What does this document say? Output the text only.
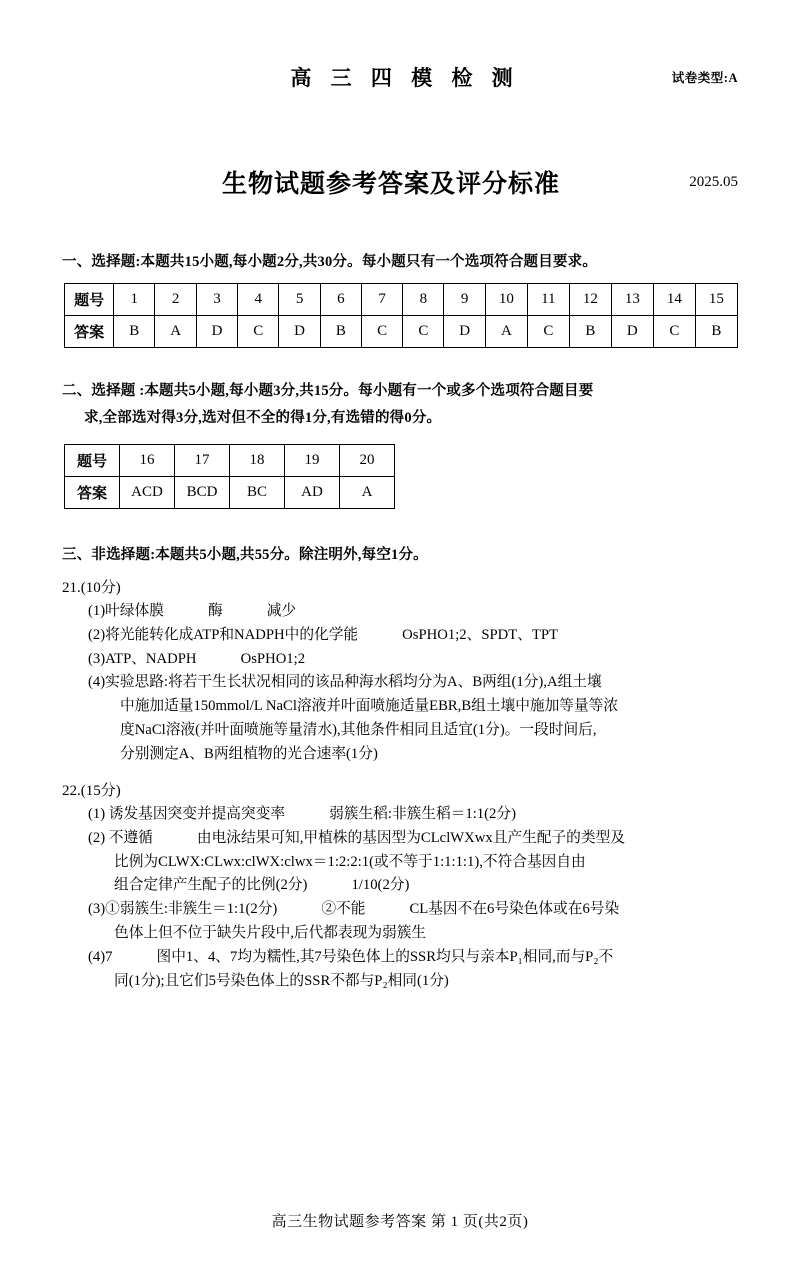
高 三 四 模 检 测	试卷类型:A
生物试题参考答案及评分标准	2025.05
一、选择题:本题共15小题,每小题2分,共30分。每小题只有一个选项符合题目要求。
题号	1	2	3	4	5	6	7	8	9	10	11	12	13	14	15
答案	B	A	D	C	D	B	C	C	D	A	C	B	D	C	B
二、选择题 :本题共5小题,每小题3分,共15分。每小题有一个或多个选项符合题目要
求,全部选对得3分,选对但不全的得1分,有选错的得0分。
题号	16	17	18	19	20
答案	ACD	BCD	BC	AD	A
三、非选择题:本题共5小题,共55分。除注明外,每空1分。
21.(10分)
(1)叶绿体膜　　　酶　　　减少
(2)将光能转化成ATP和NADPH中的化学能　　　OsPHO1;2、SPDT、TPT
(3)ATP、NADPH　　　OsPHO1;2
(4)实验思路:将若干生长状况相同的该品种海水稻均分为A、B两组(1分),A组土壤
中施加适量150mmol/L NaCl溶液并叶面喷施适量EBR,B组土壤中施加等量等浓
度NaCl溶液(并叶面喷施等量清水),其他条件相同且适宜(1分)。一段时间后,
分别测定A、B两组植物的光合速率(1分)
22.(15分)
(1) 诱发基因突变并提高突变率　　　弱簇生稻:非簇生稻＝1:1(2分)
(2) 不遵循　　　由电泳结果可知,甲植株的基因型为CLclWXwx且产生配子的类型及
比例为CLWX:CLwx:clWX:clwx＝1:2:2:1(或不等于1:1:1:1),不符合基因自由
组合定律产生配子的比例(2分)　　　1/10(2分)
(3)①弱簇生:非簇生＝1:1(2分)　　　②不能　　　CL基因不在6号染色体或在6号染
色体上但不位于缺失片段中,后代都表现为弱簇生
(4)7　　　图中1、4、7均为糯性,其7号染色体上的SSR均只与亲本P₁相同,而与P₂不
同(1分);且它们5号染色体上的SSR不都与P₂相同(1分)
高三生物试题参考答案 第 1 页(共2页)
